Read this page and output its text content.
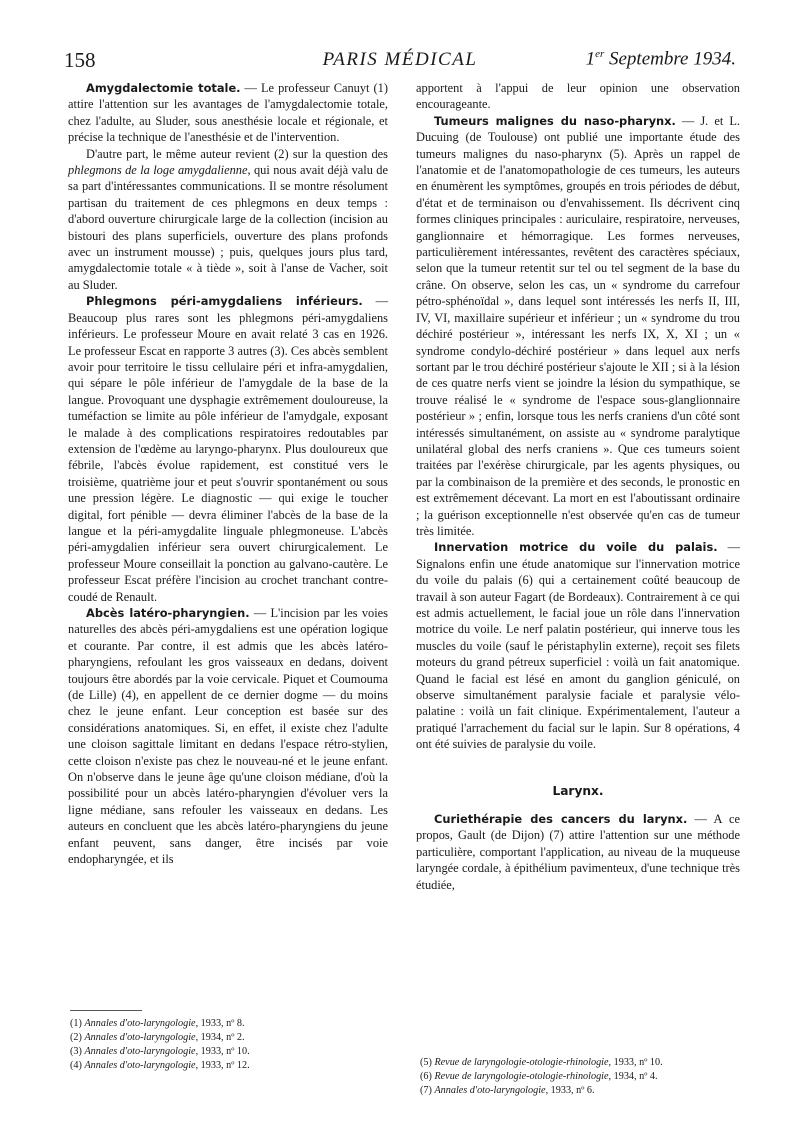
158	PARIS MÉDICAL	1er Septembre 1934.

Amygdalectomie totale. — Le professeur Canuyt (1) attire l'attention sur les avantages de l'amygdalectomie totale, chez l'adulte, au Sluder, sous anesthésie locale et régionale, et précise la technique de l'anesthésie et de l'intervention.

D'autre part, le même auteur revient (2) sur la question des phlegmons de la loge amygdalienne, qui nous avait déjà valu de sa part d'intéressantes communications. Il se montre résolument partisan du traitement de ces phlegmons en deux temps : d'abord ouverture chirurgicale large de la collection (incision au bistouri des plans superficiels, ouverture des plans profonds avec un instrument mousse) ; puis, quelques jours plus tard, amygdalectomie totale « à tiède », soit à l'anse de Vacher, soit au Sluder.

Phlegmons péri-amygdaliens inférieurs. — Beaucoup plus rares sont les phlegmons péri-amygdaliens inférieurs. Le professeur Moure en avait relaté 3 cas en 1926. Le professeur Escat en rapporte 3 autres (3). Ces abcès semblent avoir pour territoire le tissu cellulaire péri et infra-amygdalien, qui sépare le pôle inférieur de l'amygdale de la base de la langue. Provoquant une dysphagie extrêmement douloureuse, la tuméfaction se limite au pôle inférieur de l'amydgale, exposant le malade à des complications respiratoires redoutables par extension de l'œdème au laryngo-pharynx. Plus douloureux que fébrile, l'abcès évolue rapidement, est constitué vers le troisième, quatrième jour et peut s'ouvrir spontanément ou sous une pression légère. Le diagnostic — qui exige le toucher digital, fort pénible — devra éliminer l'abcès de la base de la langue et la péri-amygdalite linguale phlegmoneuse. L'abcès péri-amygdalien inférieur sera ouvert chirurgicalement. Le professeur Moure conseillait la ponction au galvano-cautère. Le professeur Escat préfère l'incision au crochet tranchant contre-coudé de Renault.

Abcès latéro-pharyngien. — L'incision par les voies naturelles des abcès péri-amygdaliens est une opération logique et courante. Par contre, il est admis que les abcès latéro-pharyngiens, refoulant les gros vaisseaux en dedans, doivent toujours être abordés par la voie cervicale. Piquet et Coumouma (de Lille) (4), en appellent de ce dernier dogme — du moins chez le jeune enfant. Leur conception est basée sur des considérations anatomiques. Si, en effet, il existe chez l'adulte une cloison sagittale limitant en dedans l'espace rétro-stylien, cette cloison n'existe pas chez le nouveau-né et le jeune enfant. On n'observe dans le jeune âge qu'une cloison médiane, d'où la possibilité pour un abcès latéro-pharyngien d'évoluer vers la ligne médiane, sans refouler les vaisseaux en dedans. Les auteurs en concluent que les abcès latéro-pharyngiens du jeune enfant peuvent, sans danger, être incisés par voie endopharyngée, et ils

apportent à l'appui de leur opinion une observation encourageante.

Tumeurs malignes du naso-pharynx. — J. et L. Ducuing (de Toulouse) ont publié une importante étude des tumeurs malignes du naso-pharynx (5). Après un rappel de l'anatomie et de l'anatomopathologie de ces tumeurs, les auteurs en énumèrent les symptômes, groupés en trois périodes de début, d'état et de terminaison ou d'envahissement. Ils décrivent cinq formes cliniques principales : auriculaire, respiratoire, nerveuses, ganglionnaire et hémorragique. Les formes nerveuses, particulièrement intéressantes, revêtent des caractères spéciaux, selon que la tumeur retentit sur tel ou tel segment de la base du crâne. On observe, selon les cas, un « syndrome du carrefour pétro-sphénoïdal », dans lequel sont intéressés les nerfs II, III, IV, VI, maxillaire supérieur et inférieur ; un « syndrome du trou déchiré postérieur », intéressant les nerfs IX, X, XI ; un « syndrome condylo-déchiré postérieur » dans lequel aux nerfs sortant par le trou déchiré postérieur s'ajoute le XII ; si à la lésion de ces quatre nerfs vient se joindre la lésion du sympathique, se trouve réalisé le « syndrome de l'espace sous-glanglionnaire postérieur » ; enfin, lorsque tous les nerfs craniens d'un côté sont intéressés simultanément, on assiste au « syndrome paralytique unilatéral global des nerfs craniens ». Que ces tumeurs soient traitées par l'exérèse chirurgicale, par les agents physiques, ou par la combinaison de la première et des seconds, le pronostic en est extrêmement décevant. La mort en est l'aboutissant ordinaire ; la guérison exceptionnelle n'est observée qu'en cas de tumeur très limitée.

Innervation motrice du voile du palais. — Signalons enfin une étude anatomique sur l'innervation motrice du voile du palais (6) qui a certainement coûté beaucoup de travail à son auteur Fagart (de Bordeaux). Contrairement à ce qui est admis actuellement, le facial joue un rôle dans l'innervation motrice du voile. Le nerf palatin postérieur, qui innerve tous les muscles du voile (sauf le péristaphylin externe), reçoit ses filets moteurs du grand pétreux superficiel : voilà un fait anatomique. Quand le facial est lésé en amont du ganglion géniculé, on observe simultanément paralysie faciale et paralysie vélo-palatine : voilà un fait clinique. Expérimentalement, l'auteur a pratiqué l'arrachement du facial sur le lapin. Sur 8 opérations, 4 ont été suivies de paralysie du voile.

Larynx.

Curiethérapie des cancers du larynx. — A ce propos, Gault (de Dijon) (7) attire l'attention sur une méthode particulière, comportant l'application, au niveau de la muqueuse laryngée cordale, à épithélium pavimenteux, d'une technique très étudiée,

(1) Annales d'oto-laryngologie, 1933, nº 8.
(2) Annales d'oto-laryngologie, 1934, nº 2.
(3) Annales d'oto-laryngologie, 1933, nº 10.
(4) Annales d'oto-laryngologie, 1933, nº 12.	(5) Revue de laryngologie-otologie-rhinologie, 1933, nº 10.
(6) Revue de laryngologie-otologie-rhinologie, 1934, nº 4.
(7) Annales d'oto-laryngologie, 1933, nº 6.
